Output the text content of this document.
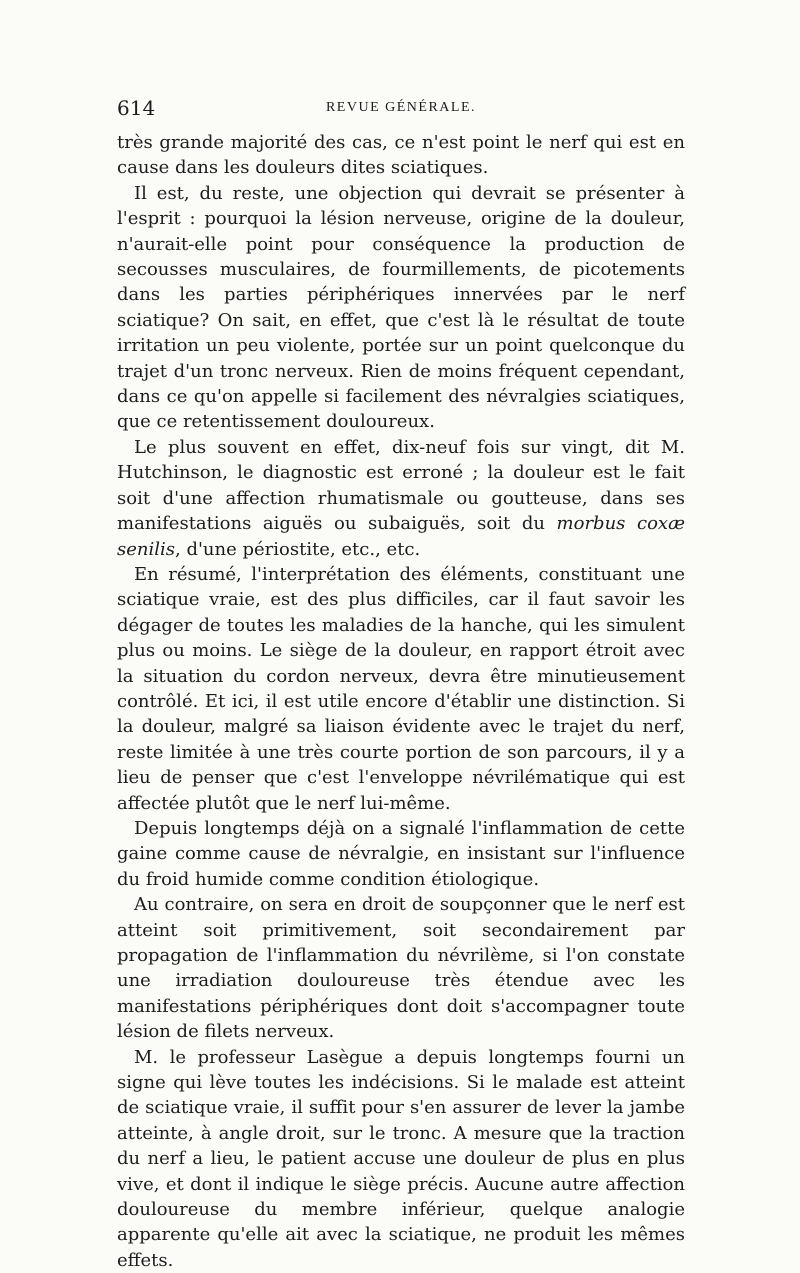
614	REVUE GÉNÉRALE.

très grande majorité des cas, ce n'est point le nerf qui est en cause dans les douleurs dites sciatiques.

Il est, du reste, une objection qui devrait se présenter à l'esprit : pourquoi la lésion nerveuse, origine de la douleur, n'aurait-elle point pour conséquence la production de secousses musculaires, de fourmillements, de picotements dans les parties périphériques innervées par le nerf sciatique? On sait, en effet, que c'est là le résultat de toute irritation un peu violente, portée sur un point quelconque du trajet d'un tronc nerveux. Rien de moins fréquent cependant, dans ce qu'on appelle si facilement des névralgies sciatiques, que ce retentissement douloureux.

Le plus souvent en effet, dix-neuf fois sur vingt, dit M. Hutchinson, le diagnostic est erroné ; la douleur est le fait soit d'une affection rhumatismale ou goutteuse, dans ses manifestations aiguës ou subaiguës, soit du morbus coxæ senilis, d'une périostite, etc., etc.

En résumé, l'interprétation des éléments, constituant une sciatique vraie, est des plus difficiles, car il faut savoir les dégager de toutes les maladies de la hanche, qui les simulent plus ou moins. Le siège de la douleur, en rapport étroit avec la situation du cordon nerveux, devra être minutieusement contrôlé. Et ici, il est utile encore d'établir une distinction. Si la douleur, malgré sa liaison évidente avec le trajet du nerf, reste limitée à une très courte portion de son parcours, il y a lieu de penser que c'est l'enveloppe névrilématique qui est affectée plutôt que le nerf lui-même.

Depuis longtemps déjà on a signalé l'inflammation de cette gaine comme cause de névralgie, en insistant sur l'influence du froid humide comme condition étiologique.

Au contraire, on sera en droit de soupçonner que le nerf est atteint soit primitivement, soit secondairement par propagation de l'inflammation du névrilème, si l'on constate une irradiation douloureuse très étendue avec les manifestations périphériques dont doit s'accompagner toute lésion de filets nerveux.

M. le professeur Lasègue a depuis longtemps fourni un signe qui lève toutes les indécisions. Si le malade est atteint de sciatique vraie, il suffit pour s'en assurer de lever la jambe atteinte, à angle droit, sur le tronc. A mesure que la traction du nerf a lieu, le patient accuse une douleur de plus en plus vive, et dont il indique le siège précis. Aucune autre affection douloureuse du membre inférieur, quelque analogie apparente qu'elle ait avec la sciatique, ne produit les mêmes effets.
